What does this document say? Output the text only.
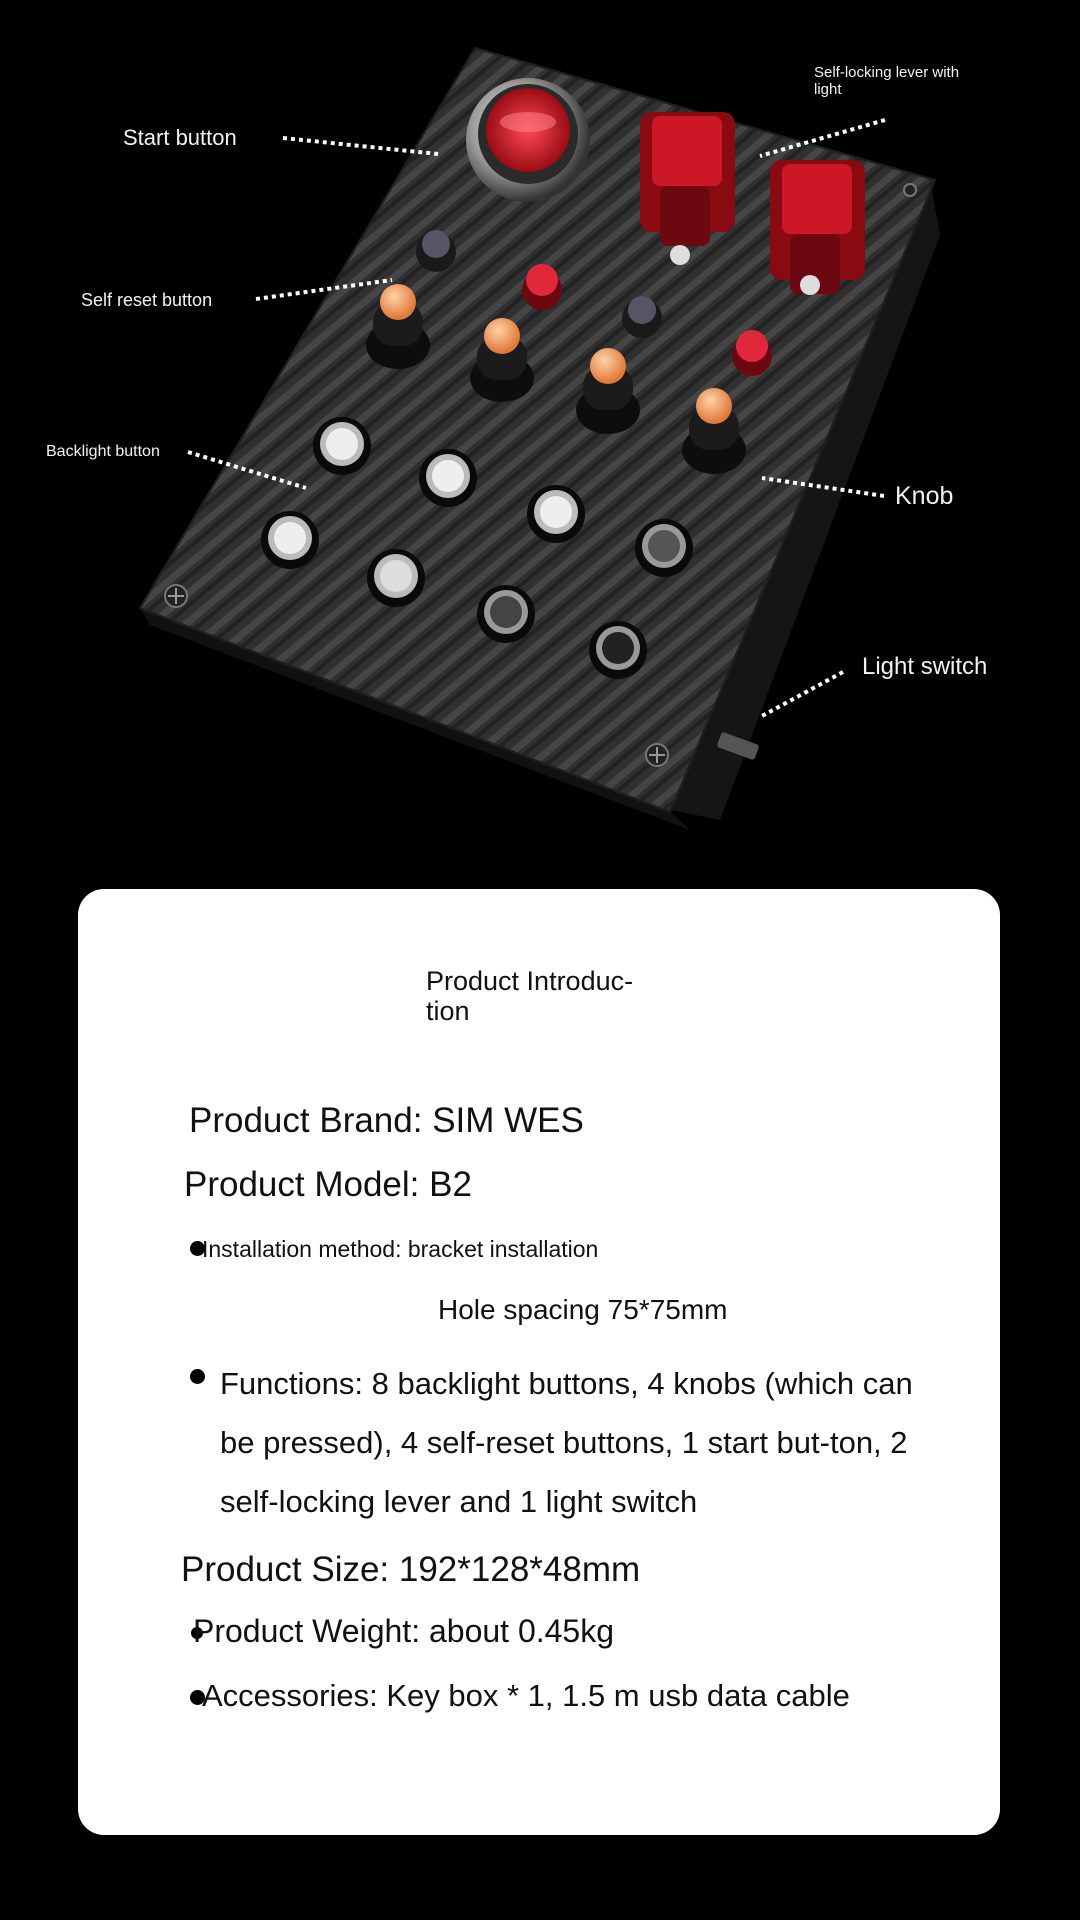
Start button
Self-locking lever with light
Self reset button
Backlight button
Knob
Light switch
Product Introduc-
tion
Product Brand: SIM WES
Product Model: B2
Installation method: bracket installation
Hole spacing 75*75mm
Functions: 8 backlight buttons, 4 knobs (which can be pressed), 4 self-reset buttons, 1 start but-ton, 2 self-locking lever and 1 light switch
Product Size: 192*128*48mm
Product Weight: about 0.45kg
Accessories: Key box * 1, 1.5 m usb data cable
